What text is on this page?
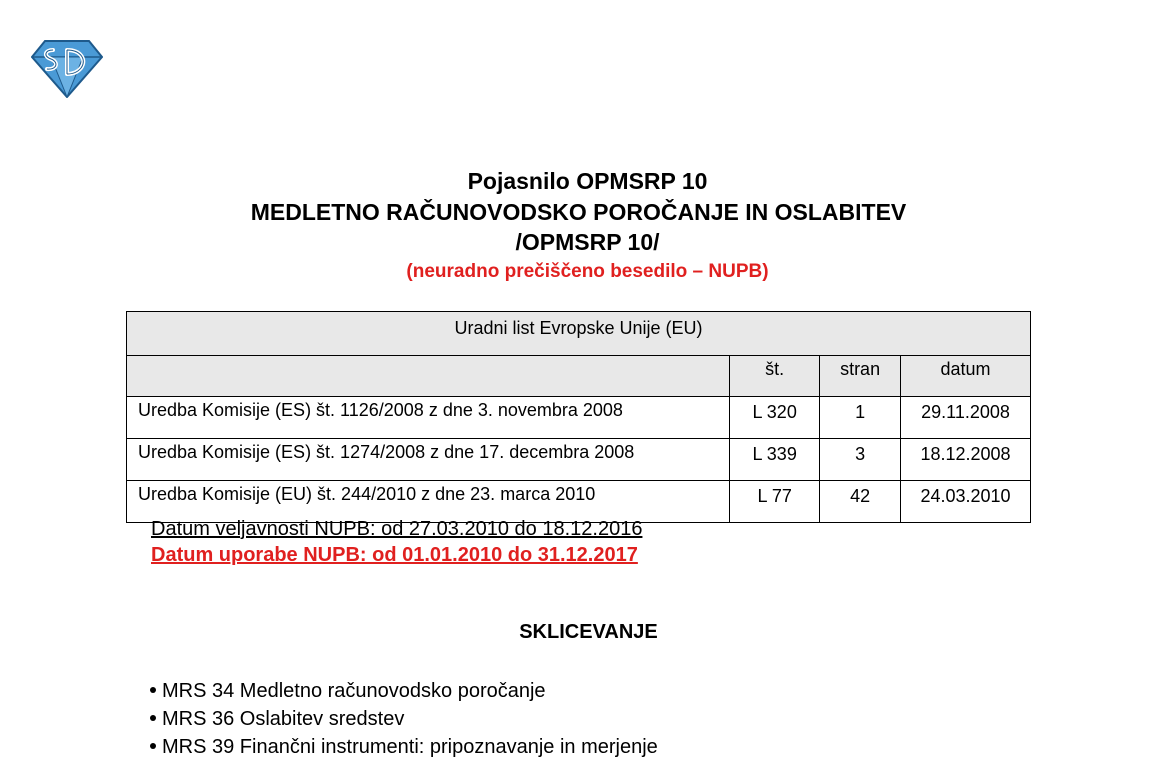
Pojasnilo OPMSRP 10
MEDLETNO RAČUNOVODSKO POROČANJE IN OSLABITEV
/OPMSRP 10/
(neuradno prečiščeno besedilo – NUPB)
Uradni list Evropske Unije (EU)			
	št.	stran	datum
Uredba Komisije (ES) št. 1126/2008 z dne 3. novembra 2008	L 320	1	29.11.2008
Uredba Komisije (ES) št. 1274/2008 z dne 17. decembra 2008	L 339	3	18.12.2008
Uredba Komisije (EU) št. 244/2010 z dne 23. marca 2010	L 77	42	24.03.2010
Datum veljavnosti NUPB: od 27.03.2010 do 18.12.2016
Datum uporabe NUPB: od 01.01.2010 do 31.12.2017
SKLICEVANJE
MRS 34 Medletno računovodsko poročanje
MRS 36 Oslabitev sredstev
MRS 39 Finančni instrumenti: pripoznavanje in merjenje
